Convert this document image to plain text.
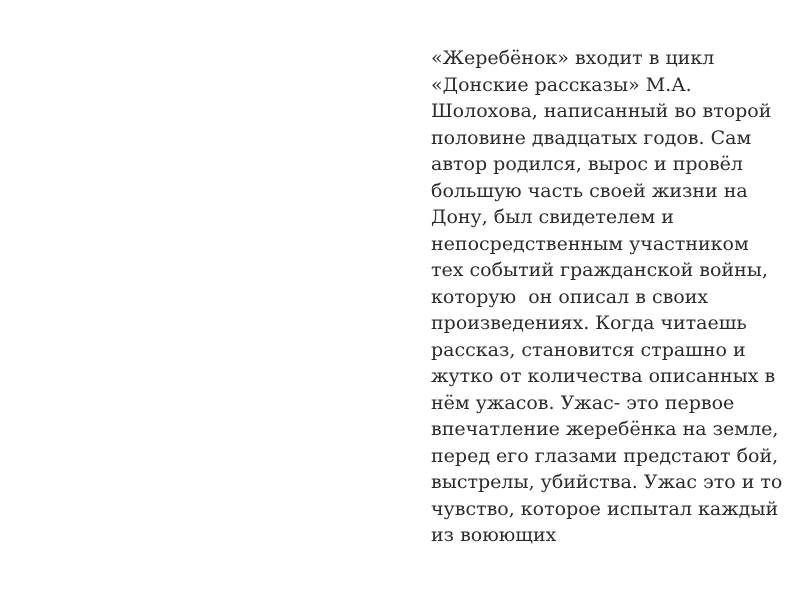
«Жеребёнок» входит в цикл
«Донские рассказы» М.А.
Шолохова, написанный во второй
половине двадцатых годов. Сам
автор родился, вырос и провёл
большую часть своей жизни на
Дону, был свидетелем и
непосредственным участником
тех событий гражданской войны,
которую  он описал в своих
произведениях. Когда читаешь
рассказ, становится страшно и
жутко от количества описанных в
нём ужасов. Ужас- это первое
впечатление жеребёнка на земле,
перед его глазами предстают бой,
выстрелы, убийства. Ужас это и то
чувство, которое испытал каждый
из воюющих
